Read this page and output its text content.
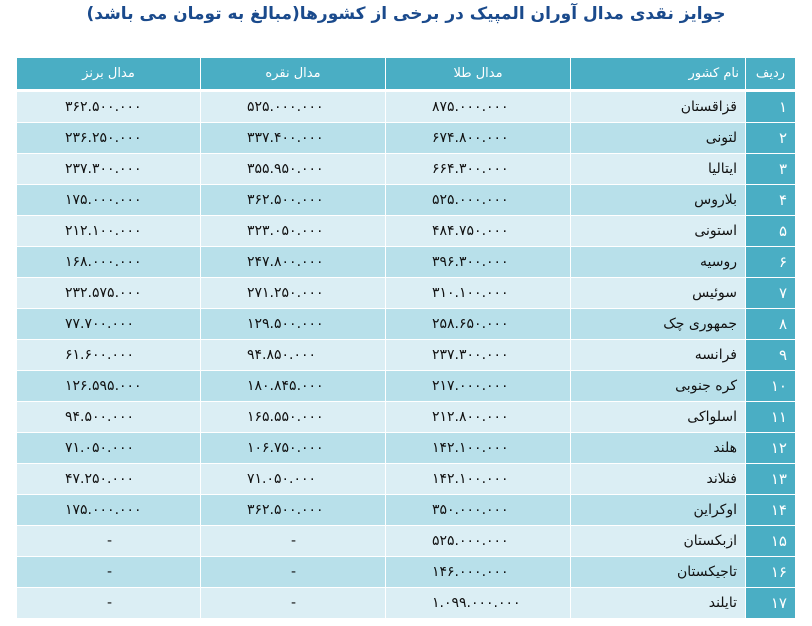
جوایز نقدی مدال آوران المپیک در برخی از کشورها(مبالغ به تومان می باشد)
ردیف	نام کشور	مدال طلا	مدال نقره	مدال برنز

۱	قزاقستان	۸۷۵.۰۰۰.۰۰۰	۵۲۵.۰۰۰.۰۰۰	۳۶۲.۵۰۰.۰۰۰
۲	لتونی	۶۷۴.۸۰۰.۰۰۰	۳۳۷.۴۰۰.۰۰۰	۲۳۶.۲۵۰.۰۰۰
۳	ایتالیا	۶۶۴.۳۰۰.۰۰۰	۳۵۵.۹۵۰.۰۰۰	۲۳۷.۳۰۰.۰۰۰
۴	بلاروس	۵۲۵.۰۰۰.۰۰۰	۳۶۲.۵۰۰.۰۰۰	۱۷۵.۰۰۰.۰۰۰
۵	استونی	۴۸۴.۷۵۰.۰۰۰	۳۲۳.۰۵۰.۰۰۰	۲۱۲.۱۰۰.۰۰۰
۶	روسیه	۳۹۶.۳۰۰.۰۰۰	۲۴۷.۸۰۰.۰۰۰	۱۶۸.۰۰۰.۰۰۰
۷	سوئیس	۳۱۰.۱۰۰.۰۰۰	۲۷۱.۲۵۰.۰۰۰	۲۳۲.۵۷۵.۰۰۰
۸	جمهوری چک	۲۵۸.۶۵۰.۰۰۰	۱۲۹.۵۰۰.۰۰۰	۷۷.۷۰۰.۰۰۰
۹	فرانسه	۲۳۷.۳۰۰.۰۰۰	۹۴.۸۵۰.۰۰۰	۶۱.۶۰۰.۰۰۰
۱۰	کره جنوبی	۲۱۷.۰۰۰.۰۰۰	۱۸۰.۸۴۵.۰۰۰	۱۲۶.۵۹۵.۰۰۰
۱۱	اسلواکی	۲۱۲.۸۰۰.۰۰۰	۱۶۵.۵۵۰.۰۰۰	۹۴.۵۰۰.۰۰۰
۱۲	هلند	۱۴۲.۱۰۰.۰۰۰	۱۰۶.۷۵۰.۰۰۰	۷۱.۰۵۰.۰۰۰
۱۳	فنلاند	۱۴۲.۱۰۰.۰۰۰	۷۱.۰۵۰.۰۰۰	۴۷.۲۵۰.۰۰۰
۱۴	اوکراین	۳۵۰.۰۰۰.۰۰۰	۳۶۲.۵۰۰.۰۰۰	۱۷۵.۰۰۰.۰۰۰
۱۵	ازبکستان	۵۲۵.۰۰۰.۰۰۰	-	-
۱۶	تاجیکستان	۱۴۶.۰۰۰.۰۰۰	-	-
۱۷	تایلند	۱.۰۹۹.۰۰۰.۰۰۰	-	-
